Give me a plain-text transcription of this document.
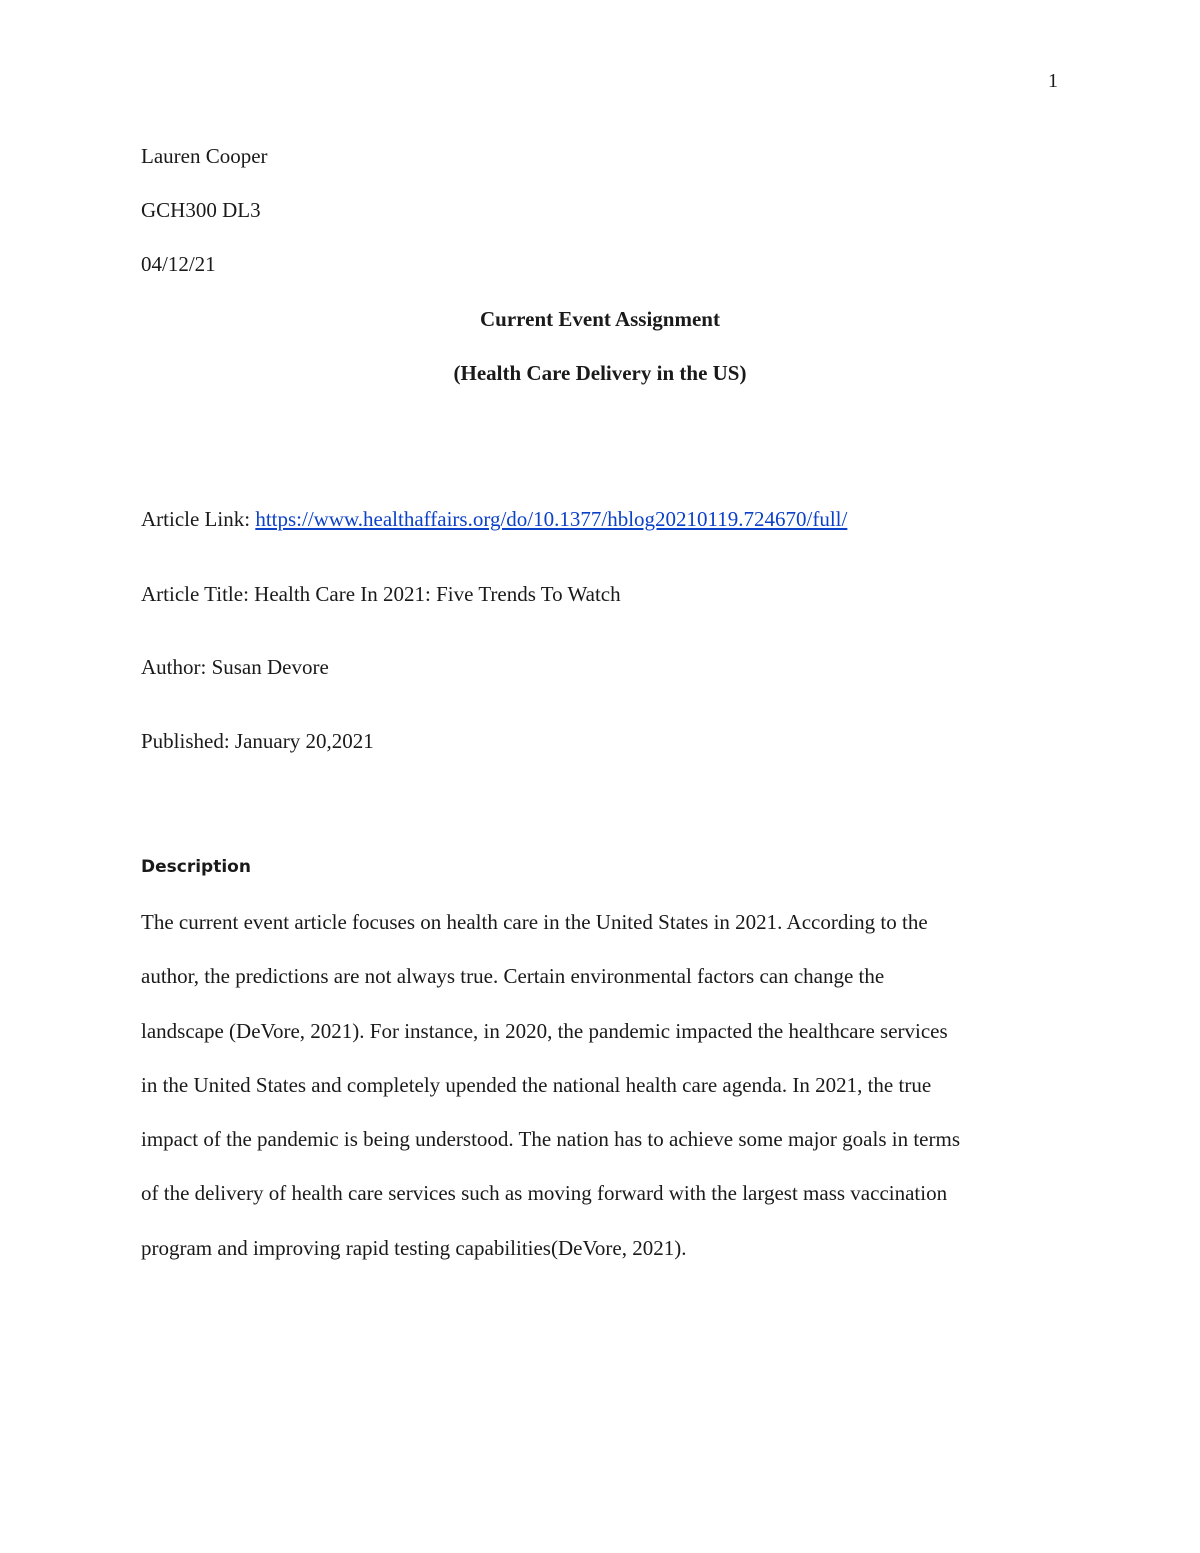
1
Lauren Cooper
GCH300 DL3
04/12/21
Current Event Assignment
(Health Care Delivery in the US)
Article Link: https://www.healthaffairs.org/do/10.1377/hblog20210119.724670/full/
Article Title: Health Care In 2021: Five Trends To Watch
Author: Susan Devore
Published: January 20,2021
Description
The current event article focuses on health care in the United States in 2021. According to the
author, the predictions are not always true. Certain environmental factors can change the
landscape (DeVore, 2021). For instance, in 2020, the pandemic impacted the healthcare services
in the United States and completely upended the national health care agenda. In 2021, the true
impact of the pandemic is being understood. The nation has to achieve some major goals in terms
of the delivery of health care services such as moving forward with the largest mass vaccination
program and improving rapid testing capabilities(DeVore, 2021).
